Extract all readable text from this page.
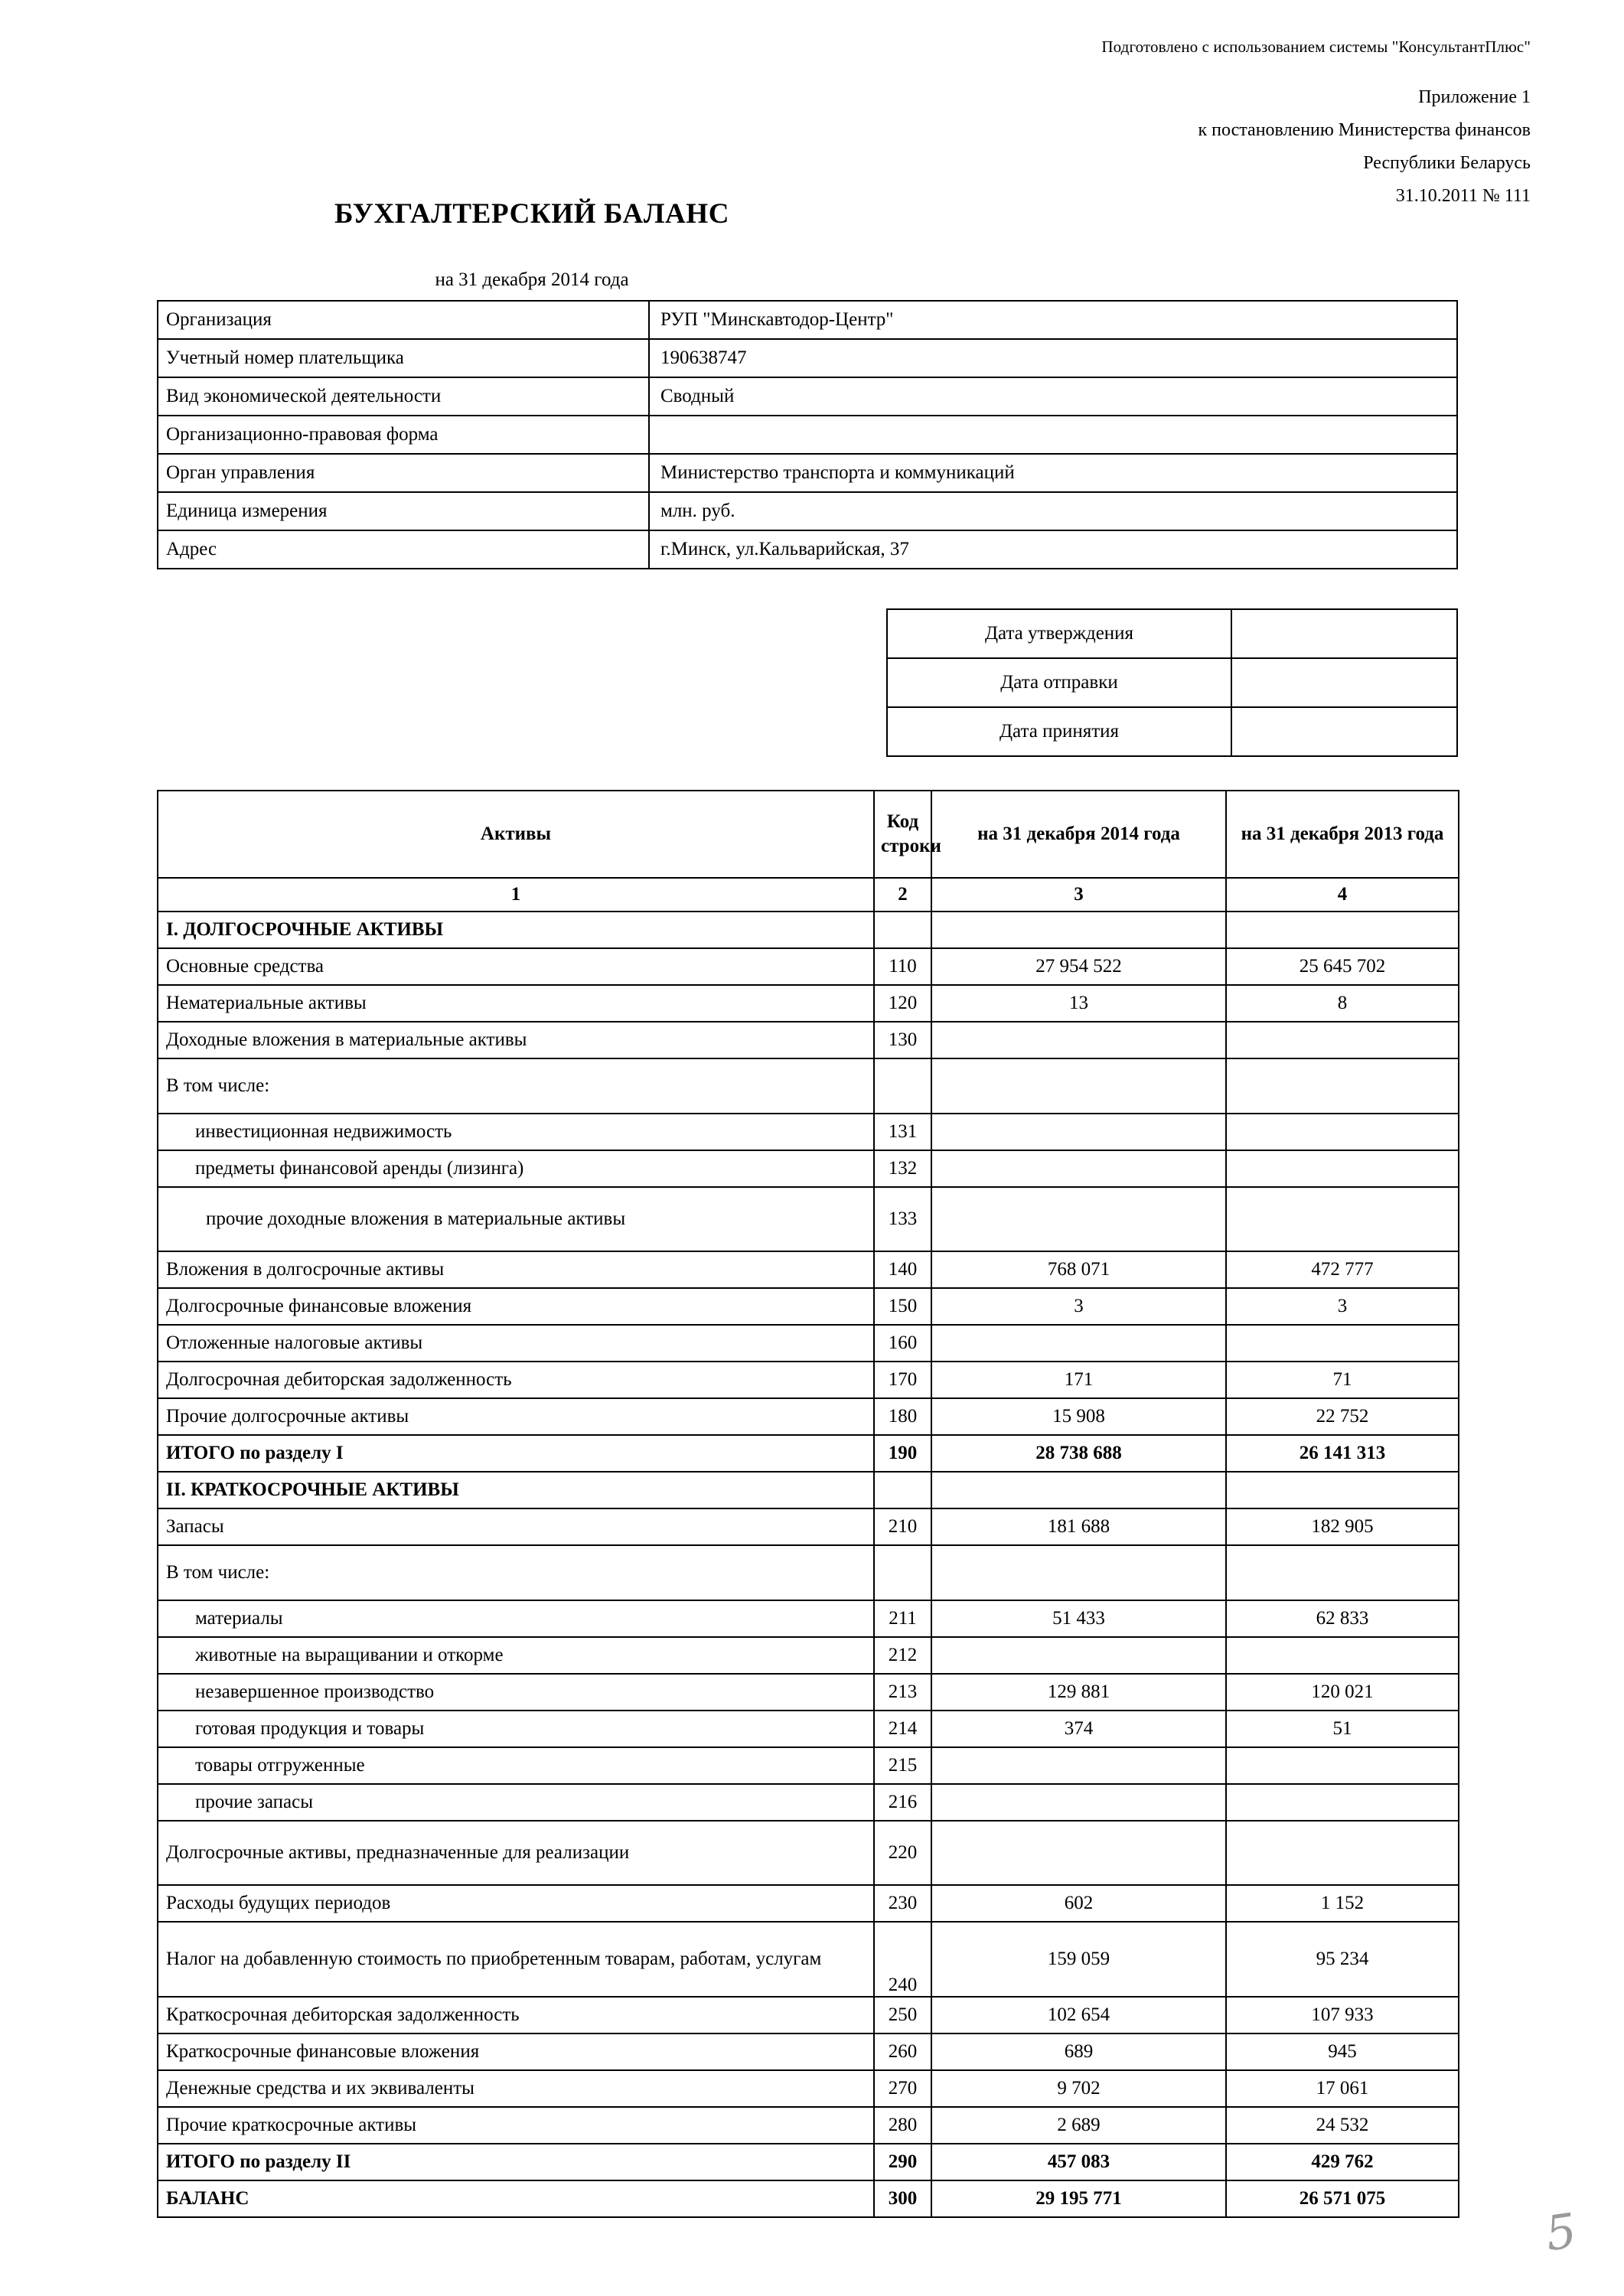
Подготовлено с использованием системы "КонсультантПлюс"
Приложение 1
к постановлению Министерства финансов
Республики Беларусь
31.10.2011 № 111
БУХГАЛТЕРСКИЙ БАЛАНС
на 31 декабря 2014 года
Организация	РУП "Минскавтодор-Центр"
Учетный номер плательщика	190638747
Вид экономической деятельности	Сводный
Организационно-правовая форма	
Орган управления	Министерство транспорта и коммуникаций
Единица измерения	млн. руб.
Адрес	г.Минск, ул.Кальварийская, 37
Дата утверждения	
Дата отправки	
Дата принятия	
Активы	Код строки	на 31 декабря 2014 года	на 31 декабря 2013 года
1	2	3	4
I. ДОЛГОСРОЧНЫЕ АКТИВЫ			
Основные средства	110	27 954 522	25 645 702
Нематериальные активы	120	13	8
Доходные вложения в материальные активы	130		
В том числе:			
инвестиционная недвижимость	131		
предметы финансовой аренды (лизинга)	132		
прочие доходные вложения в материальные активы	133		
Вложения в долгосрочные активы	140	768 071	472 777
Долгосрочные финансовые вложения	150	3	3
Отложенные налоговые активы	160		
Долгосрочная дебиторская задолженность	170	171	71
Прочие долгосрочные активы	180	15 908	22 752
ИТОГО по разделу I	190	28 738 688	26 141 313
II. КРАТКОСРОЧНЫЕ АКТИВЫ			
Запасы	210	181 688	182 905
В том числе:			
материалы	211	51 433	62 833
животные на выращивании и откорме	212		
незавершенное производство	213	129 881	120 021
готовая продукция и товары	214	374	51
товары отгруженные	215		
прочие запасы	216		
Долгосрочные активы, предназначенные для реализации	220		
Расходы будущих периодов	230	602	1 152
Налог на добавленную стоимость по приобретенным товарам, работам, услугам	240	159 059	95 234
Краткосрочная дебиторская задолженность	250	102 654	107 933
Краткосрочные финансовые вложения	260	689	945
Денежные средства и их эквиваленты	270	9 702	17 061
Прочие краткосрочные активы	280	2 689	24 532
ИТОГО по разделу II	290	457 083	429 762
БАЛАНС	300	29 195 771	26 571 075
5
